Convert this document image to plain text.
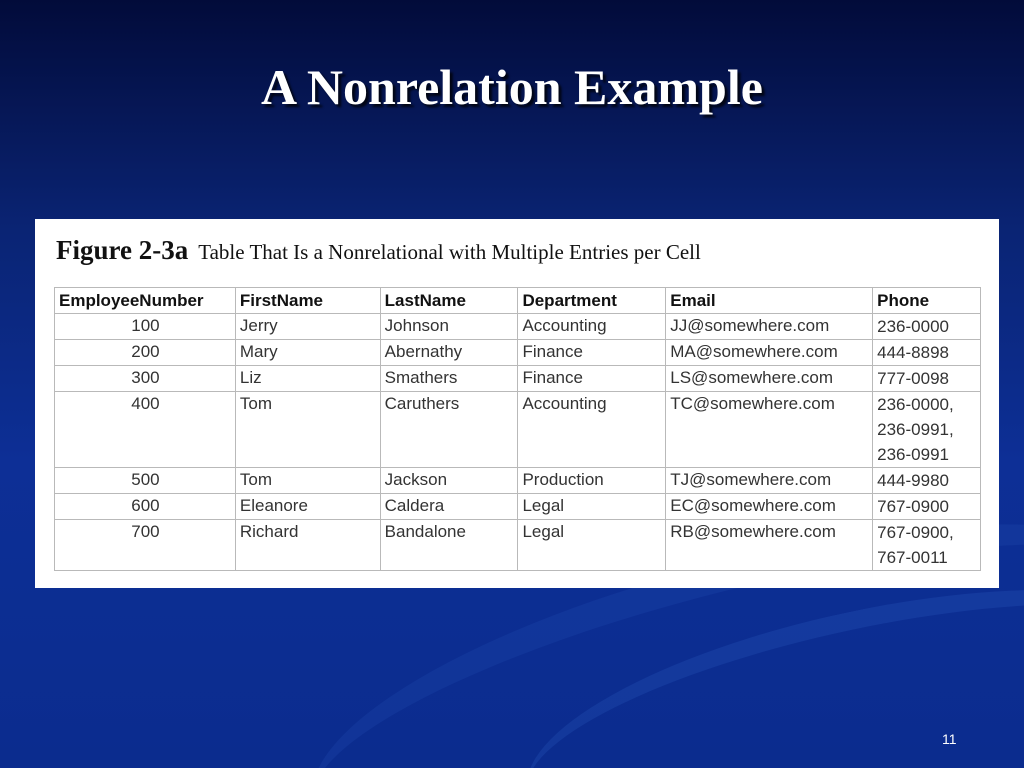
A Nonrelation Example
Figure 2-3a Table That Is a Nonrelational with Multiple Entries per Cell
EmployeeNumber	FirstName	LastName	Department	Email	Phone
100	Jerry	Johnson	Accounting	JJ@somewhere.com	236-0000

200	Mary	Abernathy	Finance	MA@somewhere.com	444-8898

300	Liz	Smathers	Finance	LS@somewhere.com	777-0098

400	Tom	Caruthers	Accounting	TC@somewhere.com	236-0000,
236-0991,
236-0991

500	Tom	Jackson	Production	TJ@somewhere.com	444-9980

600	Eleanore	Caldera	Legal	EC@somewhere.com	767-0900

700	Richard	Bandalone	Legal	RB@somewhere.com	767-0900,
767-0011
11
